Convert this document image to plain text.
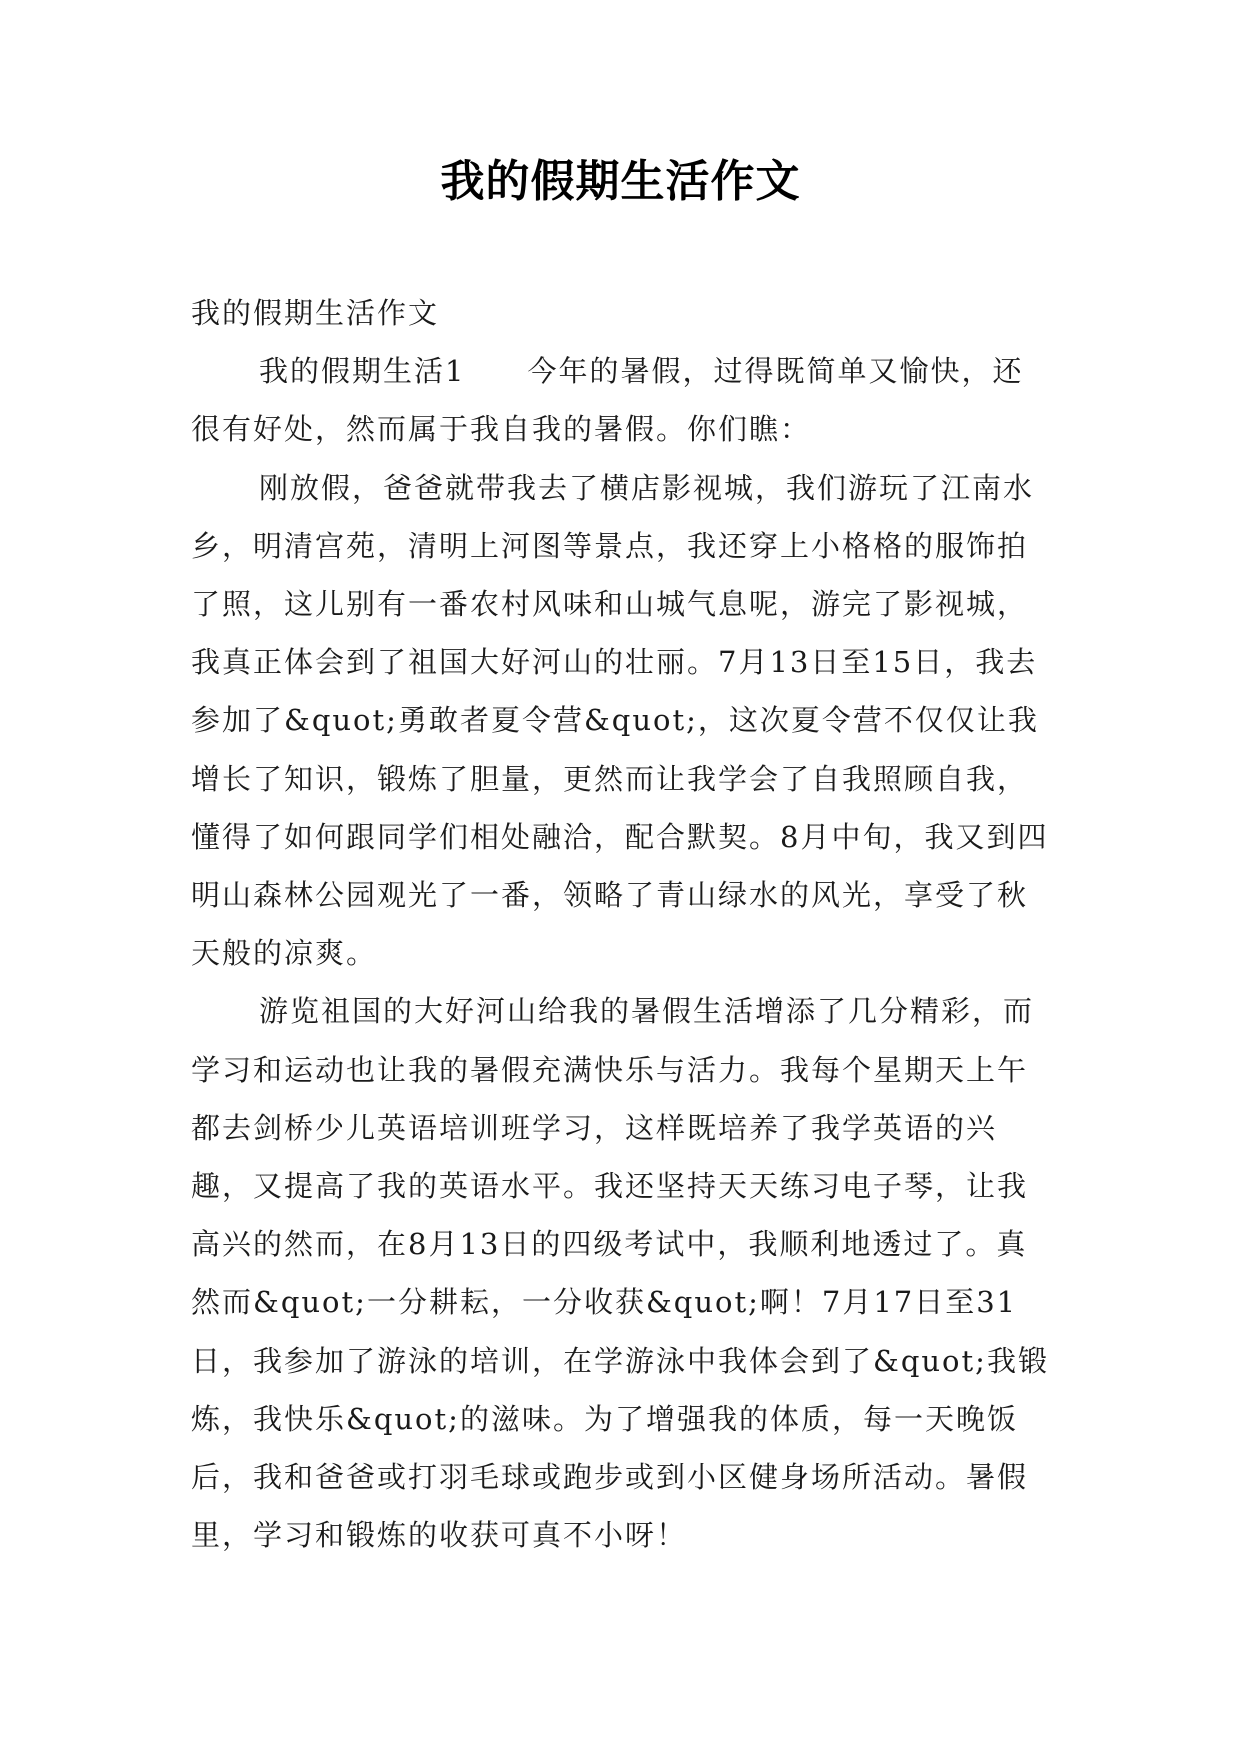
我的假期生活作文

我的假期生活作文

我的假期生活1　　今年的暑假，过得既简单又愉快，还很有好处，然而属于我自我的暑假。你们瞧：

刚放假，爸爸就带我去了横店影视城，我们游玩了江南水乡，明清宫苑，清明上河图等景点，我还穿上小格格的服饰拍了照，这儿别有一番农村风味和山城气息呢，游完了影视城，我真正体会到了祖国大好河山的壮丽。7月13日至15日，我去参加了&quot;勇敢者夏令营&quot;，这次夏令营不仅仅让我增长了知识，锻炼了胆量，更然而让我学会了自我照顾自我，懂得了如何跟同学们相处融洽，配合默契。8月中旬，我又到四明山森林公园观光了一番，领略了青山绿水的风光，享受了秋天般的凉爽。

游览祖国的大好河山给我的暑假生活增添了几分精彩，而学习和运动也让我的暑假充满快乐与活力。我每个星期天上午都去剑桥少儿英语培训班学习，这样既培养了我学英语的兴趣，又提高了我的英语水平。我还坚持天天练习电子琴，让我高兴的然而，在8月13日的四级考试中，我顺利地透过了。真然而&quot;一分耕耘，一分收获&quot;啊！7月17日至31日，我参加了游泳的培训，在学游泳中我体会到了&quot;我锻炼，我快乐&quot;的滋味。为了增强我的体质，每一天晚饭后，我和爸爸或打羽毛球或跑步或到小区健身场所活动。暑假里，学习和锻炼的收获可真不小呀！
